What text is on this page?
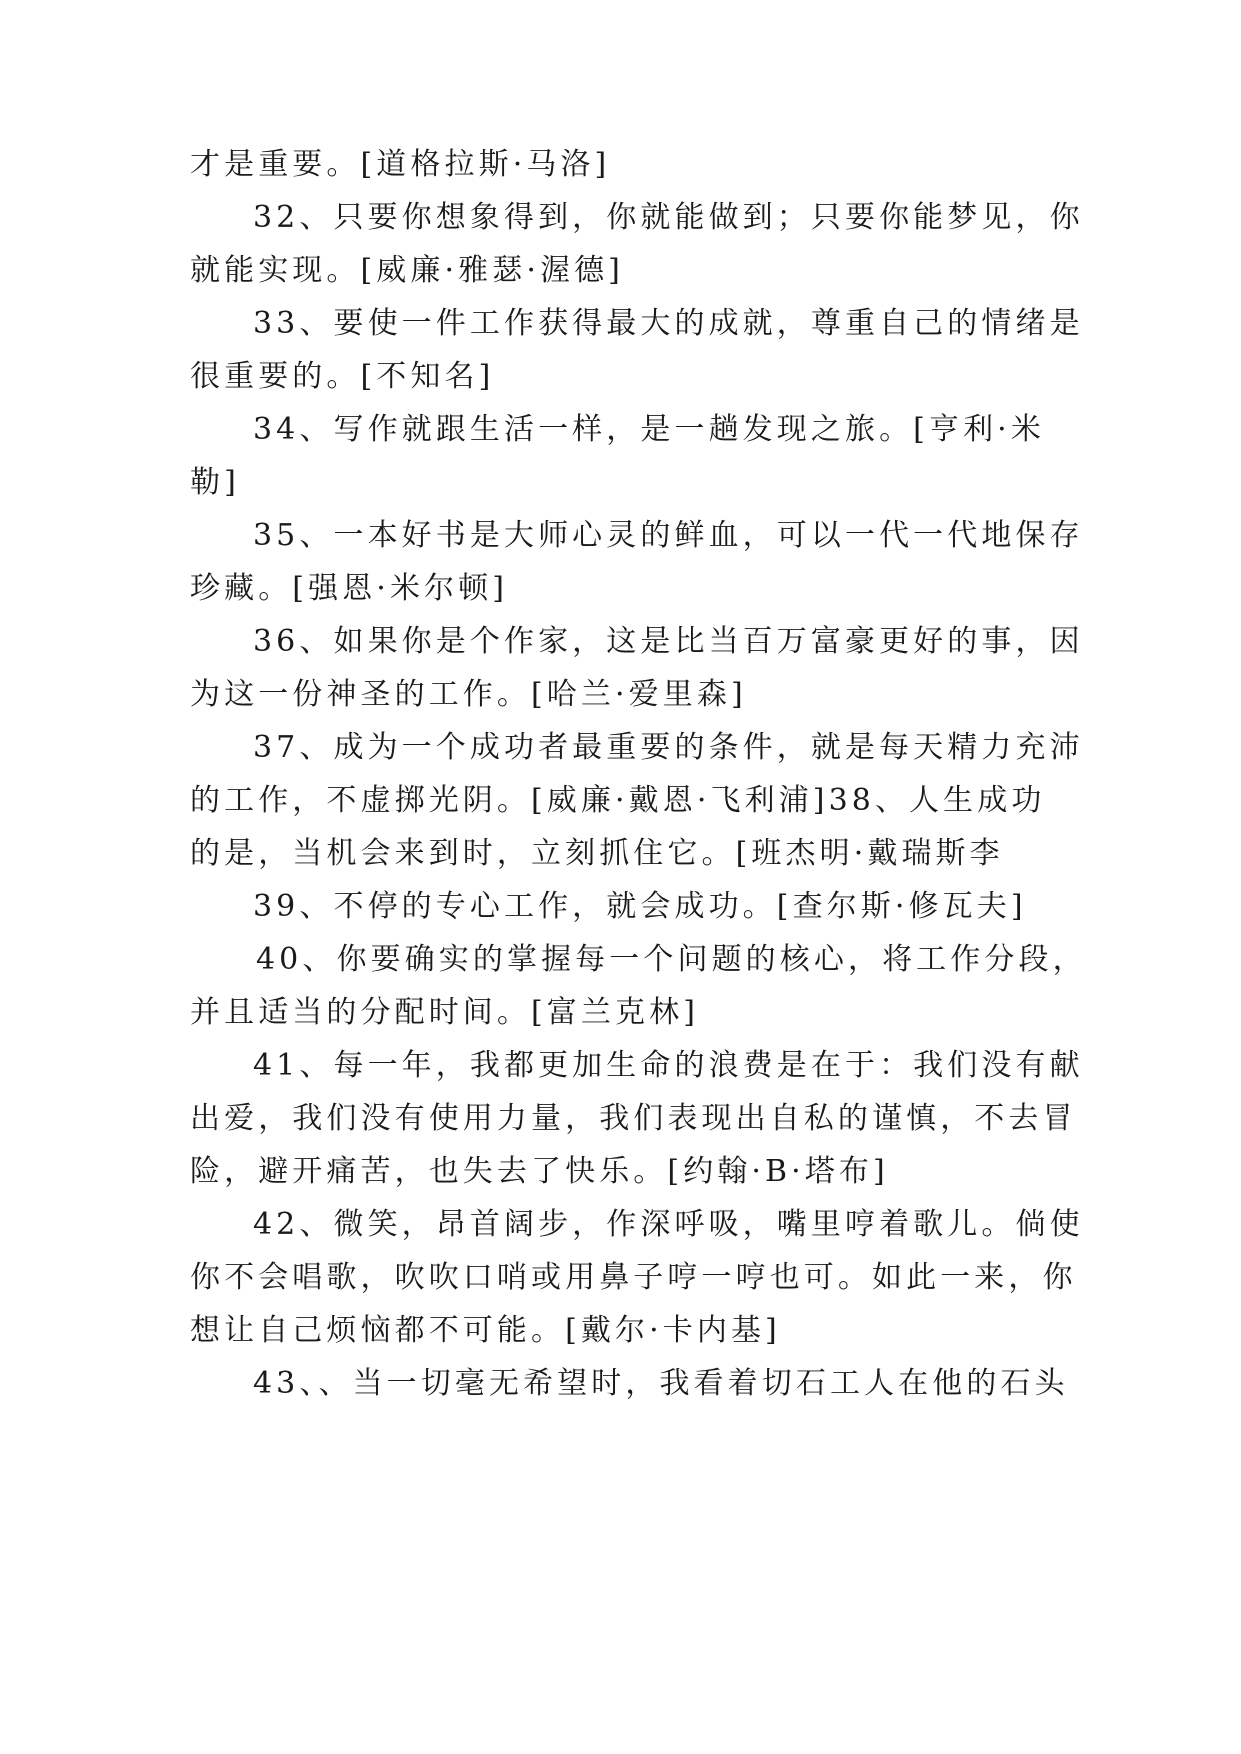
才是重要。[道格拉斯·马洛]
32、只要你想象得到，你就能做到；只要你能梦见，你
就能实现。[威廉·雅瑟·渥德]
33、要使一件工作获得最大的成就，尊重自己的情绪是
很重要的。[不知名]
34、写作就跟生活一样，是一趟发现之旅。[亨利·米
勒]
35、一本好书是大师心灵的鲜血，可以一代一代地保存
珍藏。[强恩·米尔顿]
36、如果你是个作家，这是比当百万富豪更好的事，因
为这一份神圣的工作。[哈兰·爱里森]
37、成为一个成功者最重要的条件，就是每天精力充沛
的工作，不虚掷光阴。[威廉·戴恩·飞利浦]38、人生成功
的是，当机会来到时，立刻抓住它。[班杰明·戴瑞斯李
39、不停的专心工作，就会成功。[查尔斯·修瓦夫]
40、你要确实的掌握每一个问题的核心，将工作分段，
并且适当的分配时间。[富兰克林]
41、每一年，我都更加生命的浪费是在于：我们没有献
出爱，我们没有使用力量，我们表现出自私的谨慎，不去冒
险，避开痛苦，也失去了快乐。[约翰·B·塔布]
42、微笑，昂首阔步，作深呼吸，嘴里哼着歌儿。倘使
你不会唱歌，吹吹口哨或用鼻子哼一哼也可。如此一来，你
想让自己烦恼都不可能。[戴尔·卡内基]
43、、当一切毫无希望时，我看着切石工人在他的石头
